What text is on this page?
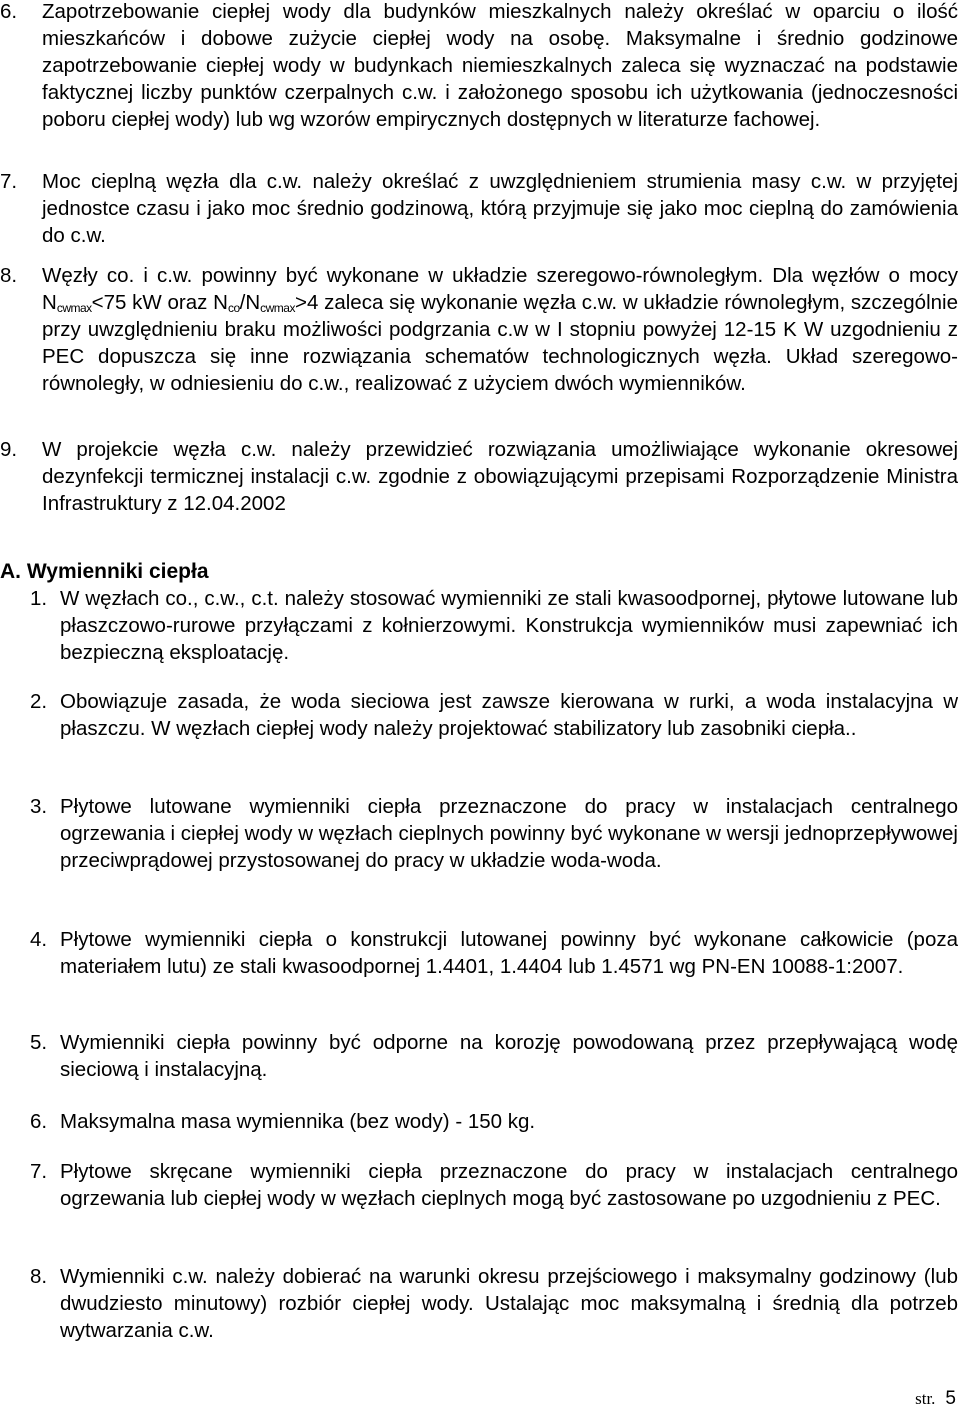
6. Zapotrzebowanie ciepłej wody dla budynków mieszkalnych należy określać w oparciu o ilość mieszkańców i dobowe zużycie ciepłej wody na osobę. Maksymalne i średnio godzinowe zapotrzebowanie ciepłej wody w budynkach niemieszkalnych zaleca się wyznaczać na podstawie faktycznej liczby punktów czerpalnych c.w. i założonego sposobu ich użytkowania (jednoczesności poboru ciepłej wody) lub wg wzorów empirycznych dostępnych w literaturze fachowej.
7. Moc cieplną węzła dla c.w. należy określać z uwzględnieniem strumienia masy c.w. w przyjętej jednostce czasu i jako moc średnio godzinową, którą przyjmuje się jako moc cieplną do zamówienia do c.w.
8. Węzły co. i c.w. powinny być wykonane w układzie szeregowo-równoległym. Dla węzłów o mocy $N_{cwmax}<75$ kW oraz $N_{co}/N_{cwmax}>4$ zaleca się wykonanie węzła c.w. w układzie równoległym, szczególnie przy uwzględnieniu braku możliwości podgrzania c.w w I stopniu powyżej 12-15 K W uzgodnieniu z PEC dopuszcza się inne rozwiązania schematów technologicznych węzła. Układ szeregowo-równoległy, w odniesieniu do c.w., realizować z użyciem dwóch wymienników.
9. W projekcie węzła c.w. należy przewidzieć rozwiązania umożliwiające wykonanie okresowej dezynfekcji termicznej instalacji c.w. zgodnie z obowiązującymi przepisami Rozporządzenie Ministra Infrastruktury z 12.04.2002
A. Wymienniki ciepła
1. W węzłach co., c.w., c.t. należy stosować wymienniki ze stali kwasoodpornej, płytowe lutowane lub płaszczowo-rurowe przyłączami z kołnierzowymi. Konstrukcja wymienników musi zapewniać ich bezpieczną eksploatację.
2. Obowiązuje zasada, że woda sieciowa jest zawsze kierowana w rurki, a woda instalacyjna w płaszczu. W węzłach ciepłej wody należy projektować stabilizatory lub zasobniki ciepła..
3. Płytowe lutowane wymienniki ciepła przeznaczone do pracy w instalacjach centralnego ogrzewania i ciepłej wody w węzłach cieplnych powinny być wykonane w wersji jednoprzepływowej przeciwprądowej przystosowanej do pracy w układzie woda-woda.
4. Płytowe wymienniki ciepła o konstrukcji lutowanej powinny być wykonane całkowicie (poza materiałem lutu) ze stali kwasoodpornej 1.4401, 1.4404 lub 1.4571 wg PN-EN 10088-1:2007.
5. Wymienniki ciepła powinny być odporne na korozję powodowaną przez przepływającą wodę sieciową i instalacyjną.
6. Maksymalna masa wymiennika (bez wody) - 150 kg.
7. Płytowe skręcane wymienniki ciepła przeznaczone do pracy w instalacjach centralnego ogrzewania lub ciepłej wody w węzłach cieplnych mogą być zastosowane po uzgodnieniu z PEC.
8. Wymienniki c.w. należy dobierać na warunki okresu przejściowego i maksymalny godzinowy (lub dwudziesto minutowy) rozbiór ciepłej wody. Ustalając moc maksymalną i średnią dla potrzeb wytwarzania c.w.
str. 5
